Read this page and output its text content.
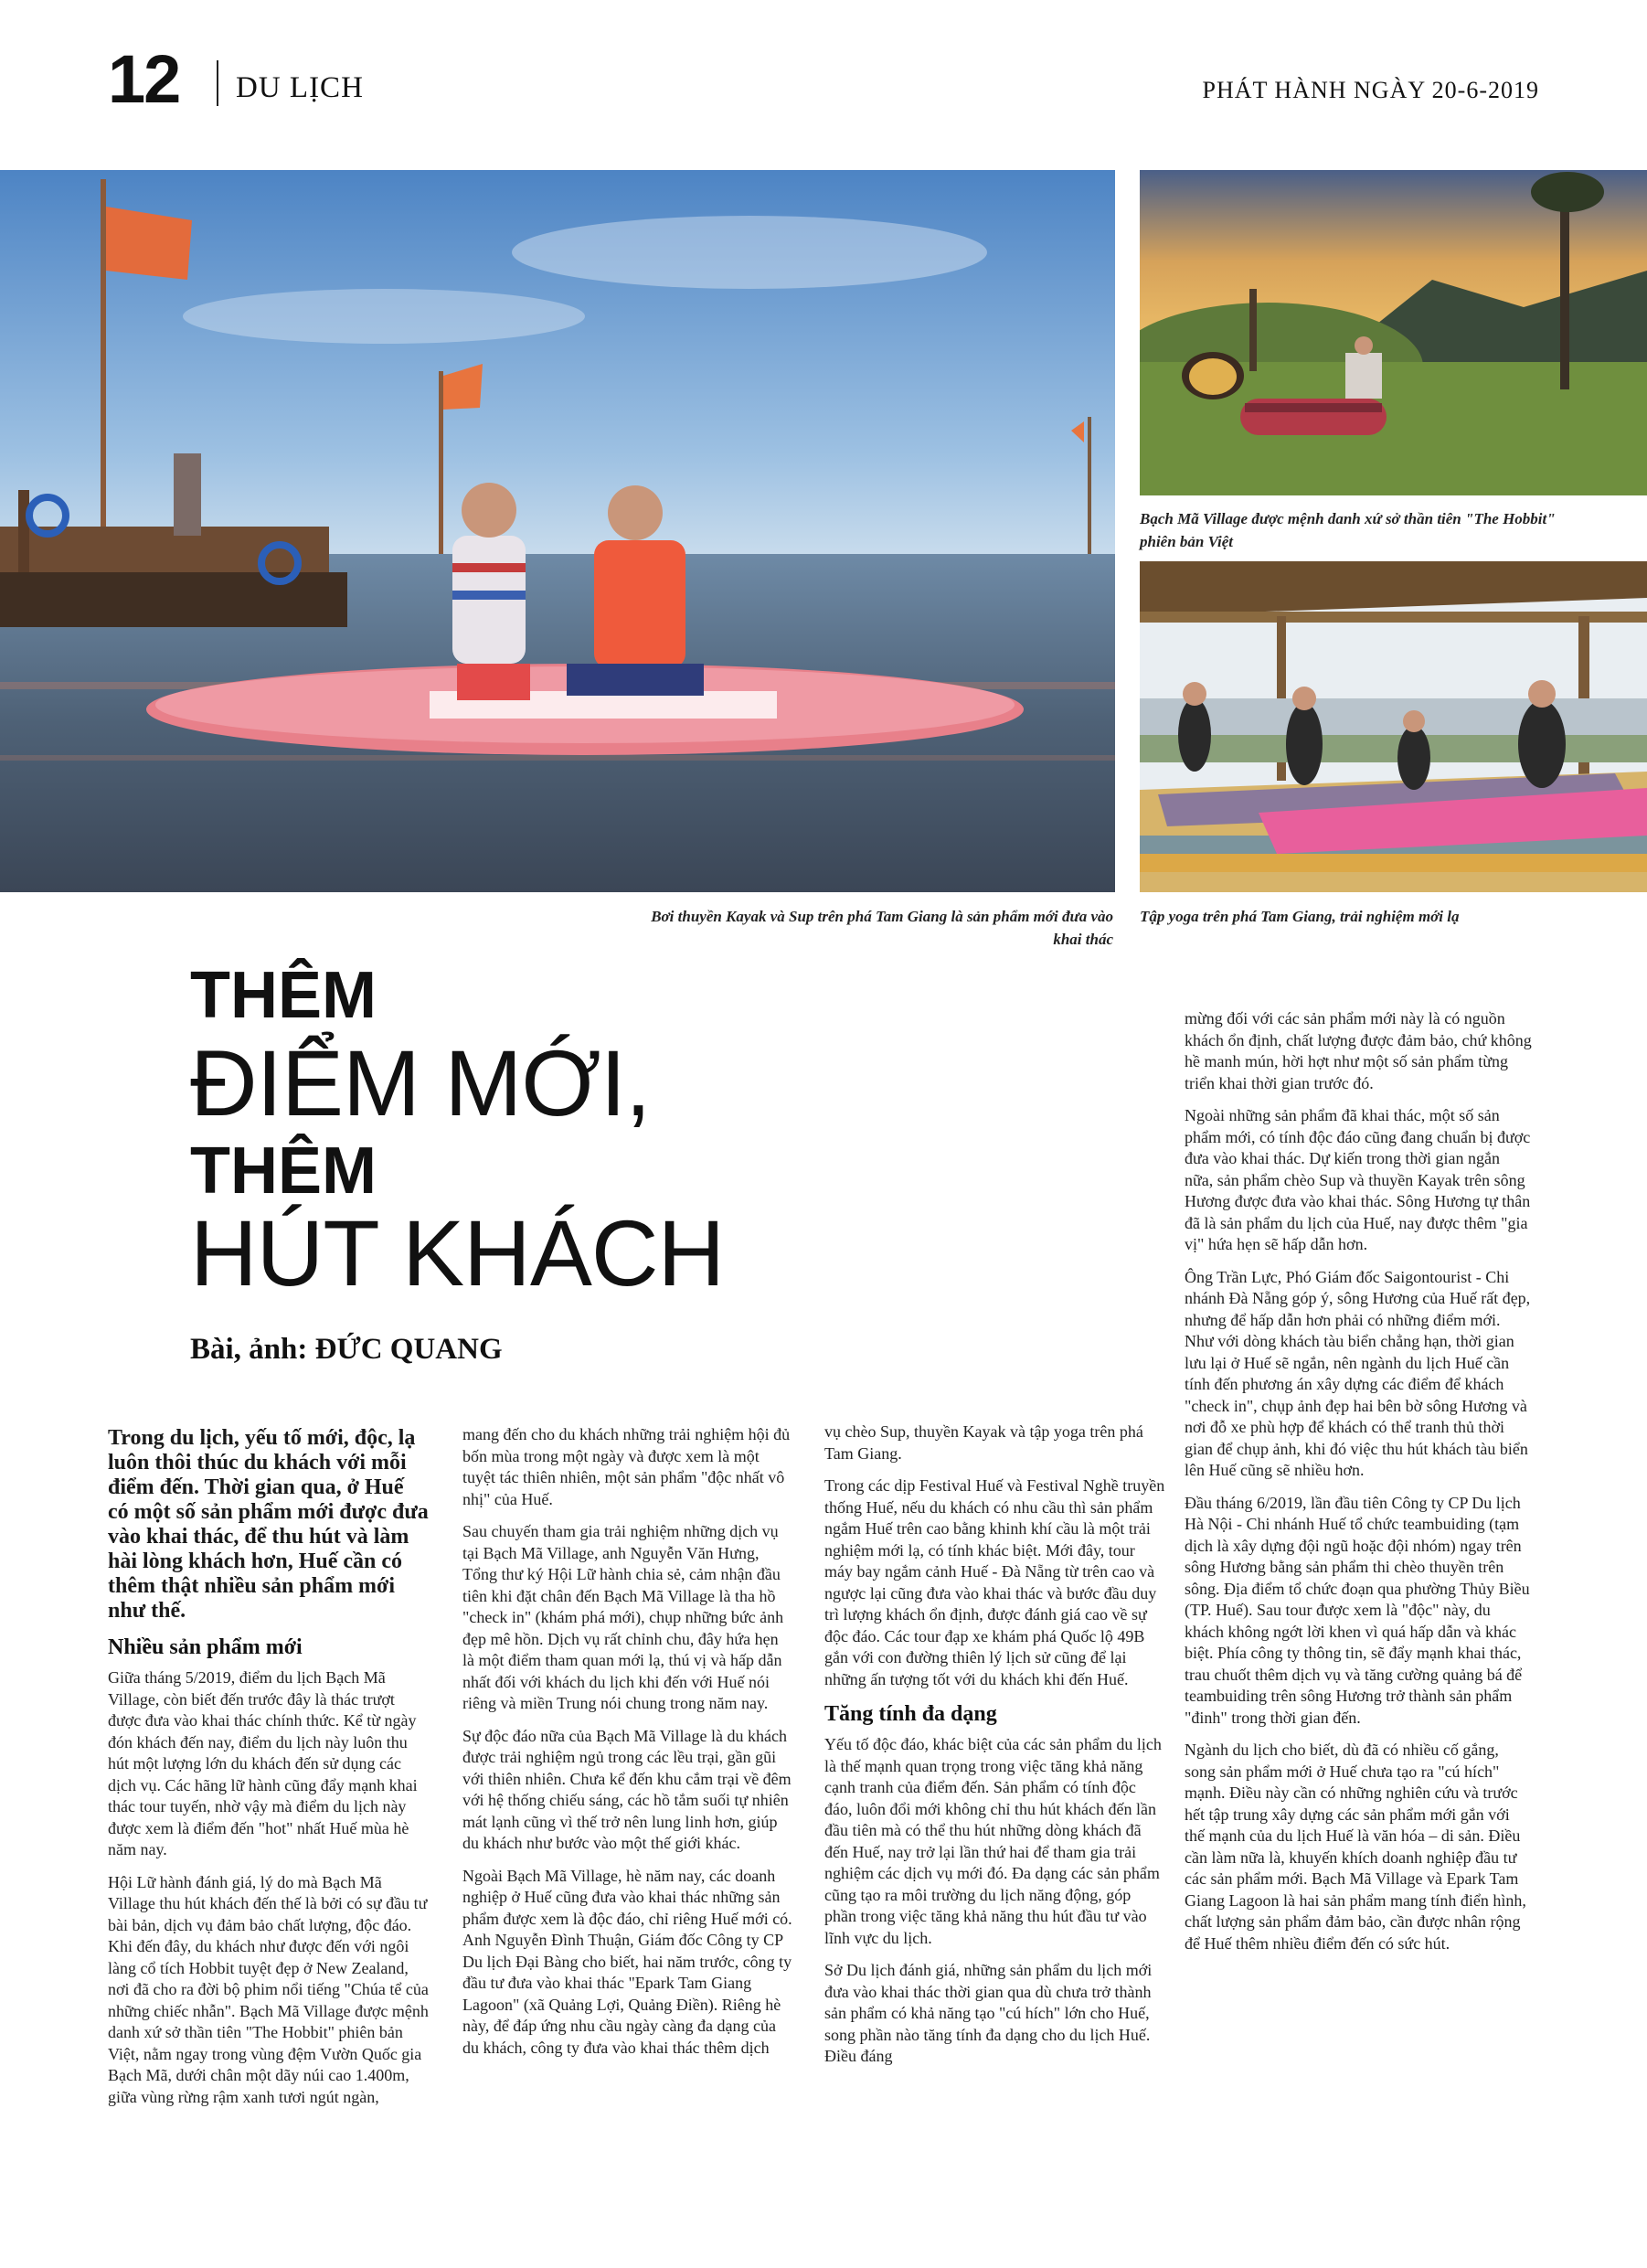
12 DU LỊCH	PHÁT HÀNH NGÀY 20-6-2019
Bạch Mã Village được mệnh danh xứ sở thần tiên "The Hobbit" phiên bản Việt
Bơi thuyền Kayak và Sup trên phá Tam Giang là sản phẩm mới đưa vào khai thác
Tập yoga trên phá Tam Giang, trải nghiệm mới lạ
THÊM
ĐIỂM MỚI,
THÊM
HÚT KHÁCH
Bài, ảnh: ĐỨC QUANG

Trong du lịch, yếu tố mới, độc, lạ luôn thôi thúc du khách với mỗi điểm đến. Thời gian qua, ở Huế có một số sản phẩm mới được đưa vào khai thác, để thu hút và làm hài lòng khách hơn, Huế cần có thêm thật nhiều sản phẩm mới như thế.

Nhiều sản phẩm mới

Giữa tháng 5/2019, điểm du lịch Bạch Mã Village, còn biết đến trước đây là thác trượt được đưa vào khai thác chính thức. Kể từ ngày đón khách đến nay, điểm du lịch này luôn thu hút một lượng lớn du khách đến sử dụng các dịch vụ. Các hãng lữ hành cũng đẩy mạnh khai thác tour tuyến, nhờ vậy mà điểm du lịch này được xem là điểm đến "hot" nhất Huế mùa hè năm nay.

Hội Lữ hành đánh giá, lý do mà Bạch Mã Village thu hút khách đến thế là bởi có sự đầu tư bài bản, dịch vụ đảm bảo chất lượng, độc đáo. Khi đến đây, du khách như được đến với ngôi làng cổ tích Hobbit tuyệt đẹp ở New Zealand, nơi đã cho ra đời bộ phim nổi tiếng "Chúa tể của những chiếc nhẫn". Bạch Mã Village được mệnh danh xứ sở thần tiên "The Hobbit" phiên bản Việt, nằm ngay trong vùng đệm Vườn Quốc gia Bạch Mã, dưới chân một dãy núi cao 1.400m, giữa vùng rừng rậm xanh tươi ngút ngàn,

mang đến cho du khách những trải nghiệm hội đủ bốn mùa trong một ngày và được xem là một tuyệt tác thiên nhiên, một sản phẩm "độc nhất vô nhị" của Huế.

Sau chuyến tham gia trải nghiệm những dịch vụ tại Bạch Mã Village, anh Nguyễn Văn Hưng, Tổng thư ký Hội Lữ hành chia sẻ, cảm nhận đầu tiên khi đặt chân đến Bạch Mã Village là tha hồ "check in" (khám phá mới), chụp những bức ảnh đẹp mê hồn. Dịch vụ rất chỉnh chu, đây hứa hẹn là một điểm tham quan mới lạ, thú vị và hấp dẫn nhất đối với khách du lịch khi đến với Huế nói riêng và miền Trung nói chung trong năm nay.

Sự độc đáo nữa của Bạch Mã Village là du khách được trải nghiệm ngủ trong các lều trại, gần gũi với thiên nhiên. Chưa kể đến khu cắm trại về đêm với hệ thống chiếu sáng, các hồ tắm suối tự nhiên mát lạnh cũng vì thế trở nên lung linh hơn, giúp du khách như bước vào một thế giới khác.

Ngoài Bạch Mã Village, hè năm nay, các doanh nghiệp ở Huế cũng đưa vào khai thác những sản phẩm được xem là độc đáo, chỉ riêng Huế mới có. Anh Nguyễn Đình Thuận, Giám đốc Công ty CP Du lịch Đại Bàng cho biết, hai năm trước, công ty đầu tư đưa vào khai thác "Epark Tam Giang Lagoon" (xã Quảng Lợi, Quảng Điền). Riêng hè này, để đáp ứng nhu cầu ngày càng đa dạng của du khách, công ty đưa vào khai thác thêm dịch

vụ chèo Sup, thuyền Kayak và tập yoga trên phá Tam Giang.

Trong các dịp Festival Huế và Festival Nghề truyền thống Huế, nếu du khách có nhu cầu thì sản phẩm ngắm Huế trên cao bằng khinh khí cầu là một trải nghiệm mới lạ, có tính khác biệt. Mới đây, tour máy bay ngắm cảnh Huế - Đà Nẵng từ trên cao và ngược lại cũng đưa vào khai thác và bước đầu duy trì lượng khách ổn định, được đánh giá cao về sự độc đáo. Các tour đạp xe khám phá Quốc lộ 49B gắn với con đường thiên lý lịch sử cũng để lại những ấn tượng tốt với du khách khi đến Huế.

Tăng tính đa dạng

Yếu tố độc đáo, khác biệt của các sản phẩm du lịch là thế mạnh quan trọng trong việc tăng khả năng cạnh tranh của điểm đến. Sản phẩm có tính độc đáo, luôn đổi mới không chỉ thu hút khách đến lần đầu tiên mà có thể thu hút những dòng khách đã đến Huế, nay trở lại lần thứ hai để tham gia trải nghiệm các dịch vụ mới đó. Đa dạng các sản phẩm cũng tạo ra môi trường du lịch năng động, góp phần trong việc tăng khả năng thu hút đầu tư vào lĩnh vực du lịch.

Sở Du lịch đánh giá, những sản phẩm du lịch mới đưa vào khai thác thời gian qua dù chưa trở thành sản phẩm có khả năng tạo "cú hích" lớn cho Huế, song phần nào tăng tính đa dạng cho du lịch Huế. Điều đáng

mừng đối với các sản phẩm mới này là có nguồn khách ổn định, chất lượng được đảm bảo, chứ không hề manh mún, hời hợt như một số sản phẩm từng triển khai thời gian trước đó.

Ngoài những sản phẩm đã khai thác, một số sản phẩm mới, có tính độc đáo cũng đang chuẩn bị được đưa vào khai thác. Dự kiến trong thời gian ngắn nữa, sản phẩm chèo Sup và thuyền Kayak trên sông Hương được đưa vào khai thác. Sông Hương tự thân đã là sản phẩm du lịch của Huế, nay được thêm "gia vị" hứa hẹn sẽ hấp dẫn hơn.

Ông Trần Lực, Phó Giám đốc Saigontourist - Chi nhánh Đà Nẵng góp ý, sông Hương của Huế rất đẹp, nhưng để hấp dẫn hơn phải có những điểm mới. Như với dòng khách tàu biển chẳng hạn, thời gian lưu lại ở Huế sẽ ngắn, nên ngành du lịch Huế cần tính đến phương án xây dựng các điểm để khách "check in", chụp ảnh đẹp hai bên bờ sông Hương và nơi đỗ xe phù hợp để khách có thể tranh thủ thời gian để chụp ảnh, khi đó việc thu hút khách tàu biển lên Huế cũng sẽ nhiều hơn.

Đầu tháng 6/2019, lần đầu tiên Công ty CP Du lịch Hà Nội - Chi nhánh Huế tổ chức teambuiding (tạm dịch là xây dựng đội ngũ hoặc đội nhóm) ngay trên sông Hương bằng sản phẩm thi chèo thuyền trên sông. Địa điểm tổ chức đoạn qua phường Thủy Biều (TP. Huế). Sau tour được xem là "độc" này, du khách không ngớt lời khen vì quá hấp dẫn và khác biệt. Phía công ty thông tin, sẽ đẩy mạnh khai thác, trau chuốt thêm dịch vụ và tăng cường quảng bá để teambuiding trên sông Hương trở thành sản phẩm "đinh" trong thời gian đến.

Ngành du lịch cho biết, dù đã có nhiều cố gắng, song sản phẩm mới ở Huế chưa tạo ra "cú hích" mạnh. Điều này cần có những nghiên cứu và trước hết tập trung xây dựng các sản phẩm mới gắn với thế mạnh của du lịch Huế là văn hóa – di sản. Điều cần làm nữa là, khuyến khích doanh nghiệp đầu tư các sản phẩm mới. Bạch Mã Village và Epark Tam Giang Lagoon là hai sản phẩm mang tính điển hình, chất lượng sản phẩm đảm bảo, cần được nhân rộng để Huế thêm nhiều điểm đến có sức hút.
